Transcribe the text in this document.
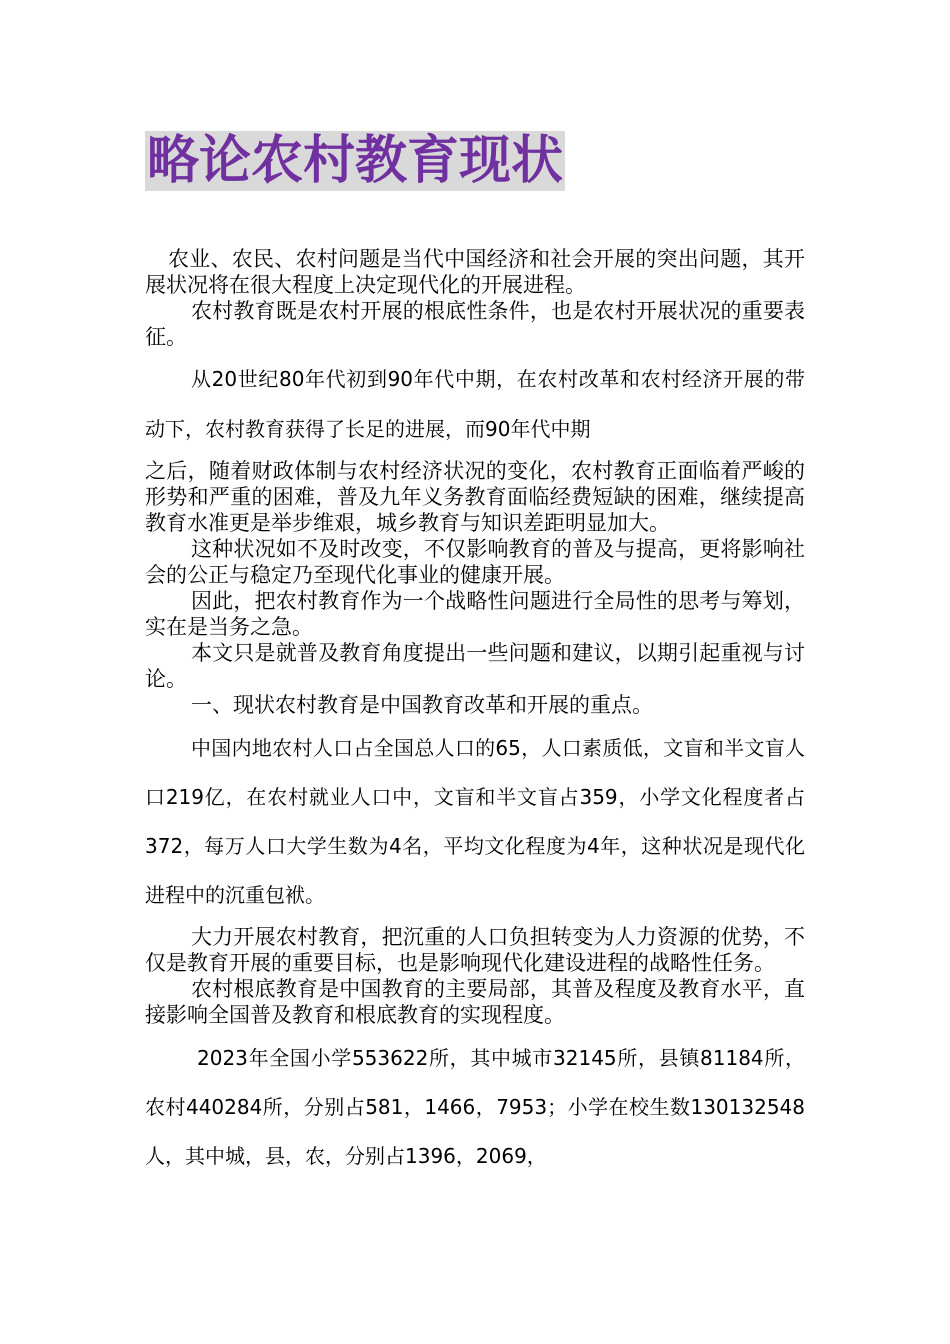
略论农村教育现状

农业、农民、农村问题是当代中国经济和社会开展的突出问题，其开展状况将在很大程度上决定现代化的开展进程。

农村教育既是农村开展的根底性条件，也是农村开展状况的重要表征。

从20世纪80年代初到90年代中期，在农村改革和农村经济开展的带动下，农村教育获得了长足的进展，而90年代中期

之后，随着财政体制与农村经济状况的变化，农村教育正面临着严峻的形势和严重的困难，普及九年义务教育面临经费短缺的困难，继续提高教育水准更是举步维艰，城乡教育与知识差距明显加大。

这种状况如不及时改变，不仅影响教育的普及与提高，更将影响社会的公正与稳定乃至现代化事业的健康开展。

因此，把农村教育作为一个战略性问题进行全局性的思考与筹划，实在是当务之急。

本文只是就普及教育角度提出一些问题和建议，以期引起重视与讨论。

一、现状农村教育是中国教育改革和开展的重点。

中国内地农村人口占全国总人口的65，人口素质低，文盲和半文盲人口219亿，在农村就业人口中，文盲和半文盲占359，小学文化程度者占372，每万人口大学生数为4名，平均文化程度为4年，这种状况是现代化进程中的沉重包袱。

大力开展农村教育，把沉重的人口负担转变为人力资源的优势，不仅是教育开展的重要目标，也是影响现代化建设进程的战略性任务。

农村根底教育是中国教育的主要局部，其普及程度及教育水平，直接影响全国普及教育和根底教育的实现程度。

2023年全国小学553622所，其中城市32145所，县镇81184所，农村440284所，分别占581，1466，7953；小学在校生数130132548人，其中城，县，农，分别占1396，2069，
